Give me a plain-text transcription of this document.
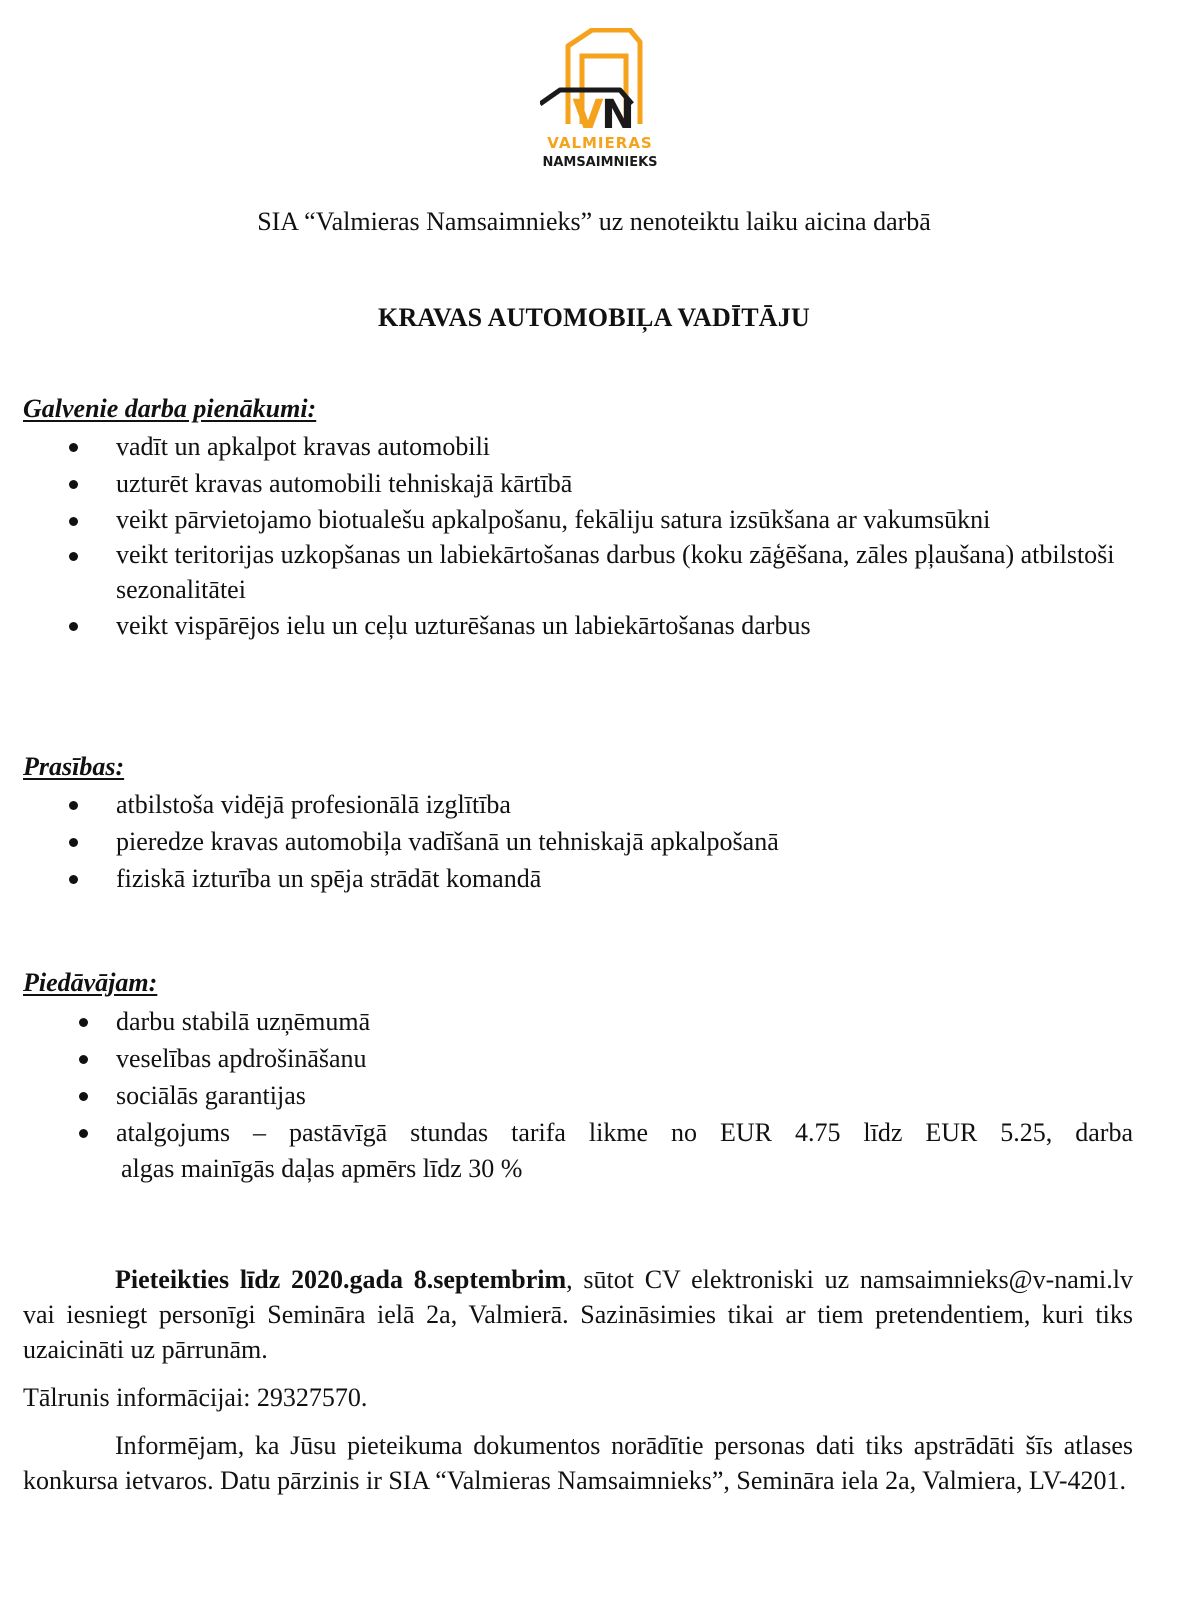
V
N
VALMIERAS
NAMSAIMNIEKS
SIA “Valmieras Namsaimnieks” uz nenoteiktu laiku aicina darbā
KRAVAS AUTOMOBIĻA VADĪTĀJU
Galvenie darba pienākumi:
vadīt un apkalpot kravas automobili
uzturēt kravas automobili tehniskajā kārtībā
veikt pārvietojamo biotualešu apkalpošanu, fekāliju satura izsūkšana ar vakumsūkni
veikt teritorijas uzkopšanas un labiekārtošanas darbus (koku zāģēšana, zāles pļaušana) atbilstoši sezonalitātei
veikt vispārējos ielu un ceļu uzturēšanas un labiekārtošanas darbus
Prasības:
atbilstoša vidējā profesionālā izglītība
pieredze kravas automobiļa vadīšanā un tehniskajā apkalpošanā
fiziskā izturība un spēja strādāt komandā
Piedāvājam:
darbu stabilā uzņēmumā
veselības apdrošināšanu
sociālās garantijas
atalgojums – pastāvīgā stundas tarifa likme no EUR 4.75 līdz EUR 5.25, darba
algas mainīgās daļas apmērs līdz 30 %

Pieteikties līdz 2020.gada 8.septembrim, sūtot CV elektroniski uz namsaimnieks@v-nami.lv vai iesniegt personīgi Semināra ielā 2a, Valmierā. Sazināsimies tikai ar tiem pretendentiem, kuri tiks uzaicināti uz pārrunām.

Tālrunis informācijai: 29327570.

Informējam, ka Jūsu pieteikuma dokumentos norādītie personas dati tiks apstrādāti šīs atlases konkursa ietvaros. Datu pārzinis ir SIA “Valmieras Namsaimnieks”, Semināra iela 2a, Valmiera, LV-4201.
